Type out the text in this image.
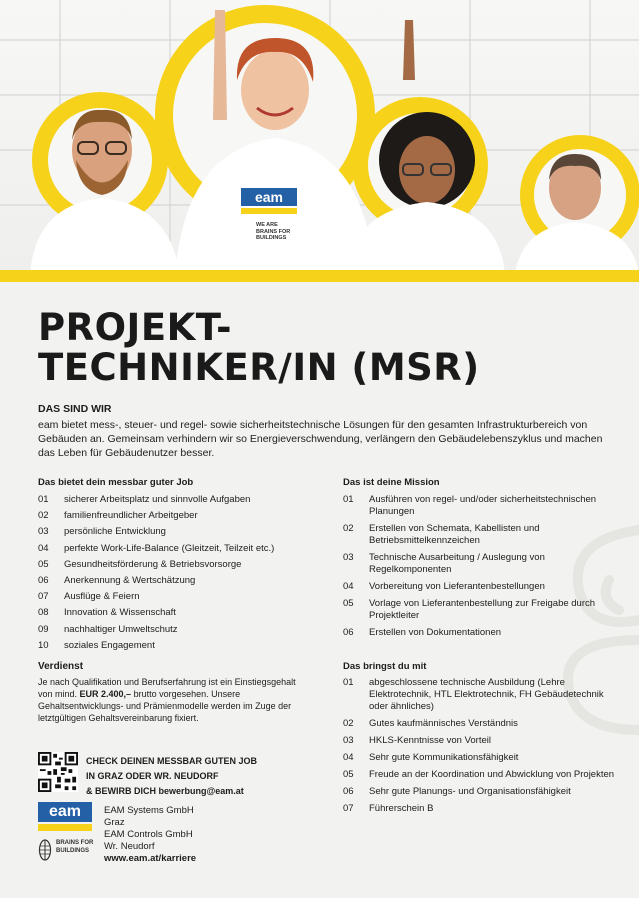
eam
WE ARE
BRAINS FOR
BUILDINGS
PROJEKT-
TECHNIKER/IN (MSR)
DAS SIND WIR
eam bietet mess-, steuer- und regel- sowie sicherheitstechnische Lösungen für den gesamten Infrastrukturbereich von Gebäuden an. Gemeinsam verhindern wir so Energieverschwendung, verlängern den Gebäudelebenszyklus und machen das Leben für Gebäudenutzer besser.
Das bietet dein messbar guter Job
01	sicherer Arbeitsplatz und sinnvolle Aufgaben
02	familienfreundlicher Arbeitgeber
03	persönliche Entwicklung
04	perfekte Work-Life-Balance (Gleitzeit, Teilzeit etc.)
05	Gesundheitsförderung & Betriebsvorsorge
06	Anerkennung & Wertschätzung
07	Ausflüge & Feiern
08	Innovation & Wissenschaft
09	nachhaltiger Umweltschutz
10	soziales Engagement
Das ist deine Mission
01	Ausführen von regel- und/oder sicherheitstechnischen Planungen
02	Erstellen von Schemata, Kabellisten und Betriebsmittelkennzeichen
03	Technische Ausarbeitung / Auslegung von Regelkomponenten
04	Vorbereitung von Lieferantenbestellungen
05	Vorlage von Lieferantenbestellung zur Freigabe durch Projektleiter
06	Erstellen von Dokumentationen
Das bringst du mit
01	abgeschlossene technische Ausbildung (Lehre Elektrotechnik, HTL Elektrotechnik, FH Gebäudetechnik oder ähnliches)
02	Gutes kaufmännisches Verständnis
03	HKLS-Kenntnisse von Vorteil
04	Sehr gute Kommunikationsfähigkeit
05	Freude an der Koordination und Abwicklung von Projekten
06	Sehr gute Planungs- und Organisationsfähigkeit
07	Führerschein B
Verdienst
Je nach Qualifikation und Berufserfahrung ist ein Einstiegsgehalt von mind. EUR 2.400,– brutto vorgesehen. Unsere Gehaltsentwicklungs- und Prämienmodelle werden im Zuge der letztgültigen Gehaltsvereinbarung fixiert.
CHECK DEINEN MESSBAR GUTEN JOB
IN GRAZ ODER WR. NEUDORF
& BEWIRB DICH bewerbung@eam.at
eam
BRAINS FOR
BUILDINGS
EAM Systems GmbH
Graz
EAM Controls GmbH
Wr. Neudorf
www.eam.at/karriere
